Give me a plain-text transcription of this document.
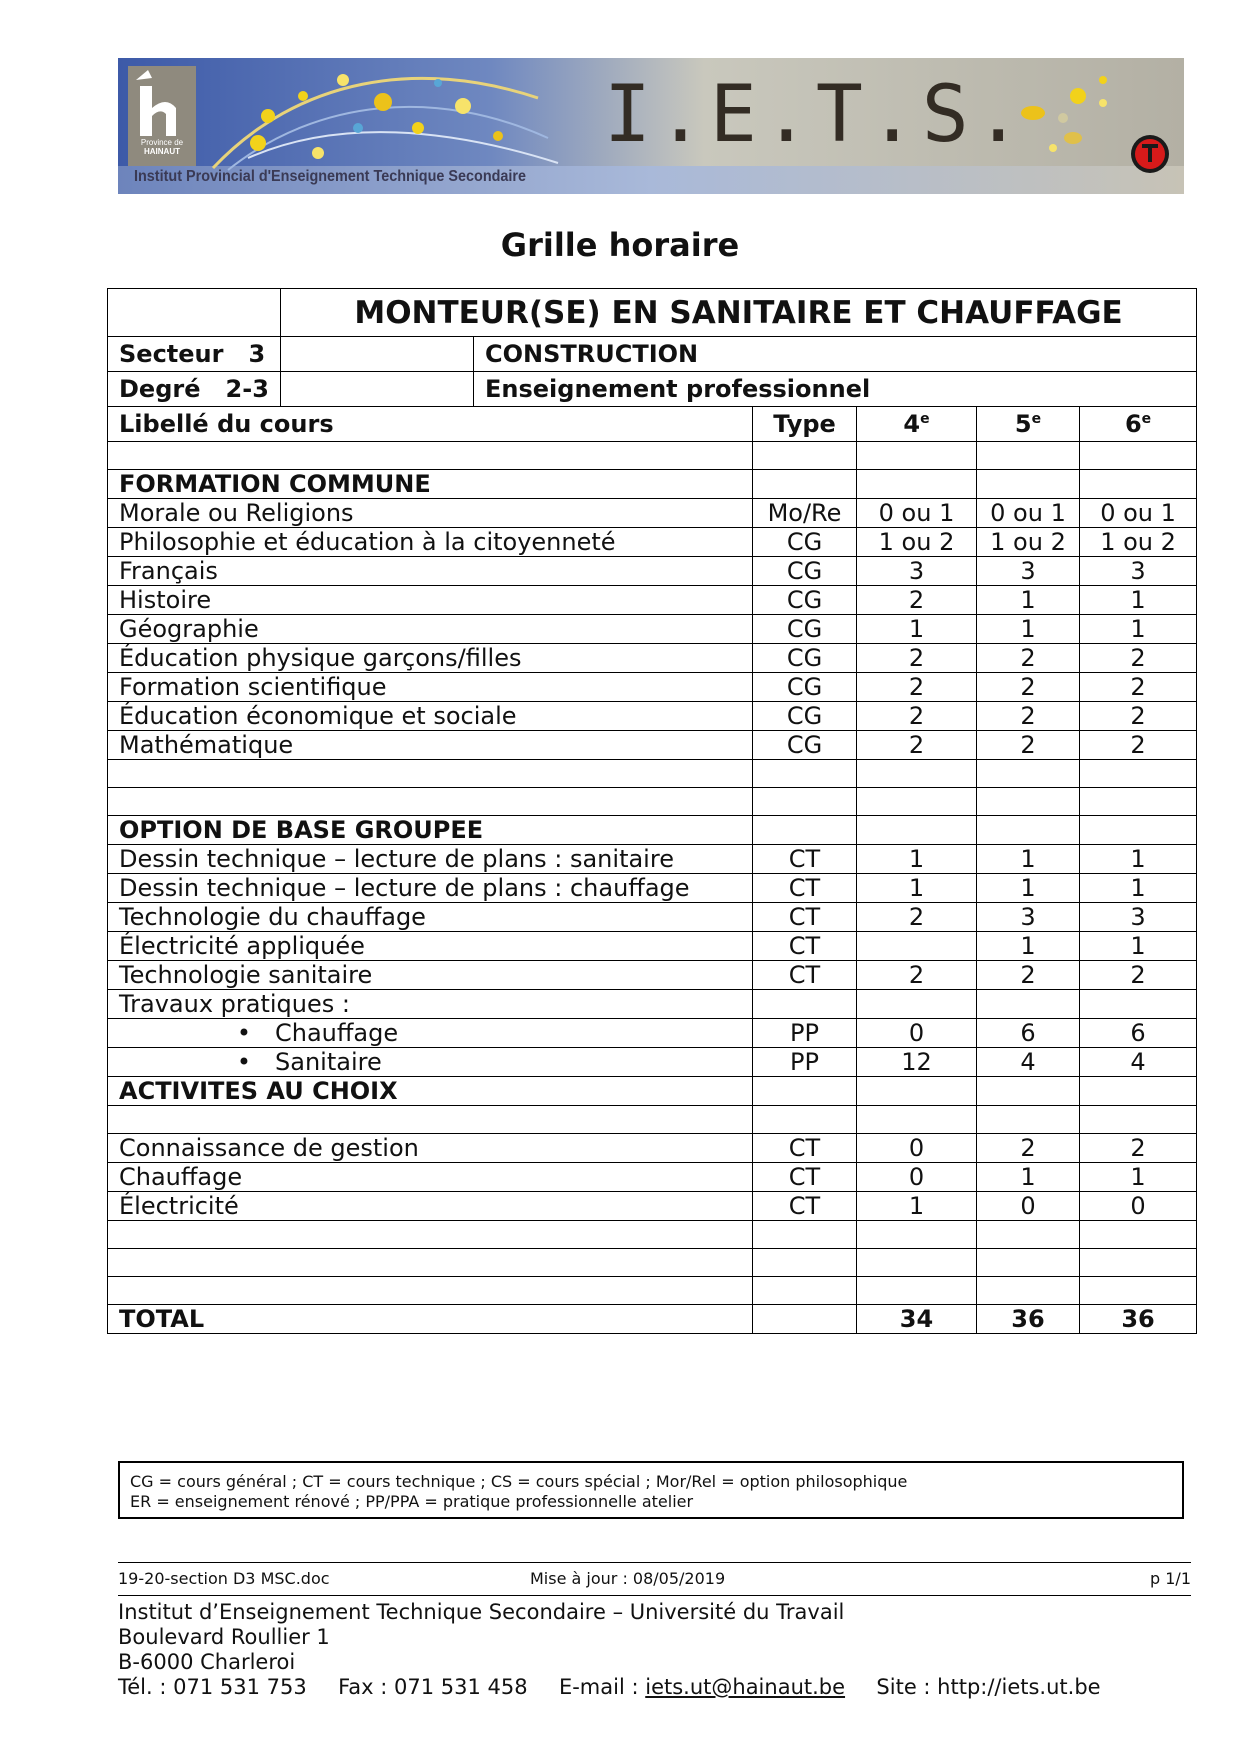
Province de
HAINAUT	I.E.T.S.
Institut Provincial d'Enseignement Technique Secondaire
Grille horaire
	MONTEUR(SE) EN SANITAIRE ET CHAUFFAGE					
Secteur   3		CONSTRUCTION				
Degré   2-3		Enseignement professionnel				
Libellé du cours			Type	4e	5e	6e

FORMATION COMMUNE						
Morale ou Religions			Mo/Re	0 ou 1	0 ou 1	0 ou 1
Philosophie et éducation à la citoyenneté			CG	1 ou 2	1 ou 2	1 ou 2
Français			CG	3	3	3
Histoire			CG	2	1	1
Géographie			CG	1	1	1
Éducation physique garçons/filles			CG	2	2	2
Formation scientifique			CG	2	2	2
Éducation économique et sociale			CG	2	2	2
Mathématique			CG	2	2	2

OPTION DE BASE GROUPEE						
Dessin technique – lecture de plans : sanitaire			CT	1	1	1
Dessin technique – lecture de plans : chauffage			CT	1	1	1
Technologie du chauffage			CT	2	3	3
Électricité appliquée			CT		1	1
Technologie sanitaire			CT	2	2	2
Travaux pratiques :						
• Chauffage			PP	0	6	6
• Sanitaire			PP	12	4	4
ACTIVITES AU CHOIX						

Connaissance de gestion			CT	0	2	2
Chauffage			CT	0	1	1
Électricité			CT	1	0	0

TOTAL				34	36	36
CG = cours général ; CT = cours technique ; CS = cours spécial ; Mor/Rel = option philosophique
ER = enseignement rénové ; PP/PPA = pratique professionnelle atelier
19-20-section D3 MSC.doc	Mise à jour : 08/05/2019	p 1/1
Institut d’Enseignement Technique Secondaire – Université du Travail
Boulevard Roullier 1
B-6000 Charleroi
Tél. : 071 531 753 Fax : 071 531 458 E-mail : iets.ut@hainaut.be Site : http://iets.ut.be
